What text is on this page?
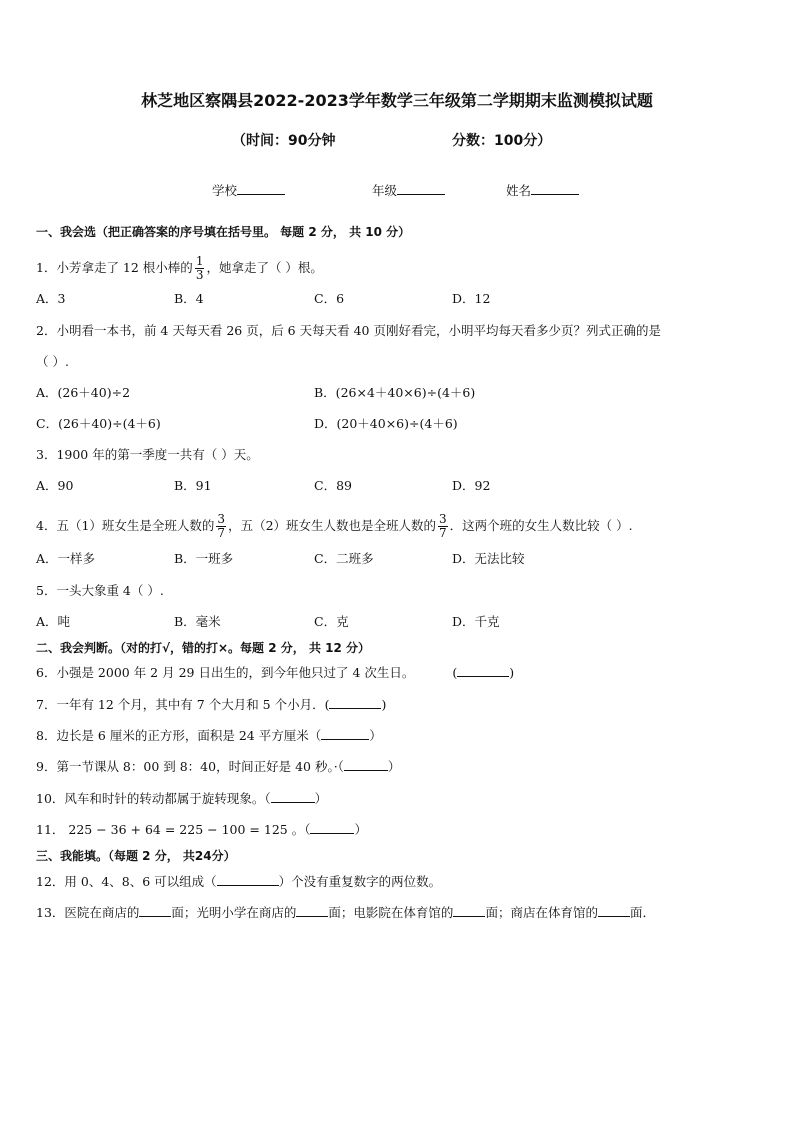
林芝地区察隅县2022-2023学年数学三年级第二学期期末监测模拟试题
（时间：90分钟	分数：100分）
学校	年级	姓名
一、我会选（把正确答案的序号填在括号里。 每题 2 分， 共 10 分）
1．小芳拿走了 12 根小棒的 $\frac{1}{3}$ ，她拿走了（ ）根。
A．3	B．4	C．6	D．12
2．小明看一本书，前 4 天每天看 26 页，后 6 天每天看 40 页刚好看完，小明平均每天看多少页？列式正确的是
（ ）.
A．(26＋40)÷2	B．(26×4＋40×6)÷(4＋6)
C．(26＋40)÷(4＋6)	D．(20＋40×6)÷(4＋6)
3．1900 年的第一季度一共有（ ）天。
A．90	B．91	C．89	D．92
4．五（1）班女生是全班人数的 $\frac{3}{7}$ ，五（2）班女生人数也是全班人数的 $\frac{3}{7}$ ．这两个班的女生人数比较（ ）.
A．一样多	B．一班多	C．二班多	D．无法比较
5．一头大象重 4（ ）.
A．吨	B．毫米	C．克	D．千克
二、我会判断。（对的打√，错的打×。每题 2 分， 共 12 分）
6．小强是 2000 年 2 月 29 日出生的，到今年他只过了 4 次生日。	(	)
7．一年有 12 个月，其中有 7 个大月和 5 个小月．(	)
8．边长是 6 厘米的正方形，面积是 24 平方厘米（	）
9．第一节课从 8：00 到 8：40，时间正好是 40 秒。·（	）
10．风车和时针的转动都属于旋转现象。（	）
11． 225 − 36 + 64 = 225 − 100 = 125 。（	）
三、我能填。（每题 2 分， 共24分）
12．用 0、4、8、6 可以组成（	）个没有重复数字的两位数。
13．医院在商店的	面；光明小学在商店的	面；电影院在体育馆的	面；商店在体育馆的	面．
